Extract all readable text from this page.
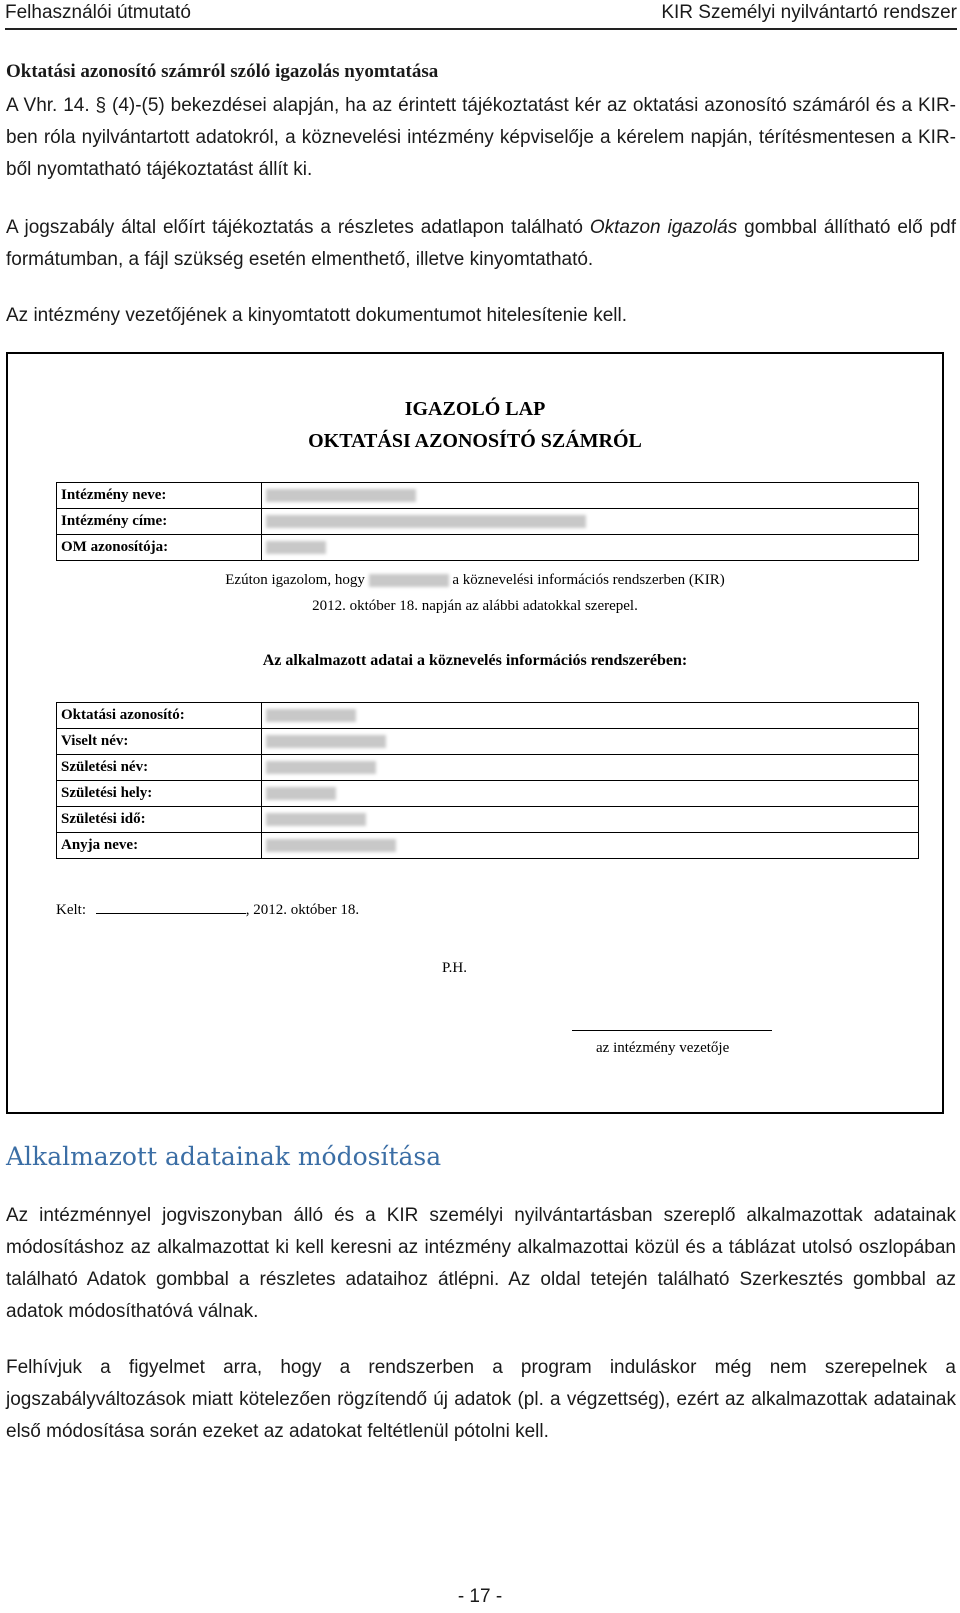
Felhasználói útmutató	KIR Személyi nyilvántartó rendszer
Oktatási azonosító számról szóló igazolás nyomtatása
A Vhr. 14. § (4)-(5) bekezdései alapján, ha az érintett tájékoztatást kér az oktatási azonosító számáról és a KIR-ben róla nyilvántartott adatokról, a köznevelési intézmény képviselője a kérelem napján, térítésmentesen a KIR-ből nyomtatható tájékoztatást állít ki.
A jogszabály által előírt tájékoztatás a részletes adatlapon található Oktazon igazolás gombbal állítható elő pdf formátumban, a fájl szükség esetén elmenthető, illetve kinyomtatható.
Az intézmény vezetőjének a kinyomtatott dokumentumot hitelesítenie kell.
IGAZOLÓ LAP
OKTATÁSI AZONOSÍTÓ SZÁMRÓL
Intézmény neve:	
Intézmény címe:	
OM azonosítója:	
Ezúton igazolom, hogy	a köznevelési információs rendszerben (KIR)
2012. október 18. napján az alábbi adatokkal szerepel.
Az alkalmazott adatai a köznevelés információs rendszerében:
Oktatási azonosító:	
Viselt név:	
Születési név:	
Születési hely:	
Születési idő:	
Anyja neve:	
Kelt:	, 2012. október 18.
P.H.
az intézmény vezetője
Alkalmazott adatainak módosítása
Az intézménnyel jogviszonyban álló és a KIR személyi nyilvántartásban szereplő alkalmazottak adatainak módosításhoz az alkalmazottat ki kell keresni az intézmény alkalmazottai közül és a táblázat utolsó oszlopában található Adatok gombbal a részletes adataihoz átlépni. Az oldal tetején található Szerkesztés gombbal az adatok módosíthatóvá válnak.
Felhívjuk a figyelmet arra, hogy a rendszerben a program induláskor még nem szerepelnek a jogszabályváltozások miatt kötelezően rögzítendő új adatok (pl. a végzettség), ezért az alkalmazottak adatainak első módosítása során ezeket az adatokat feltétlenül pótolni kell.
- 17 -
